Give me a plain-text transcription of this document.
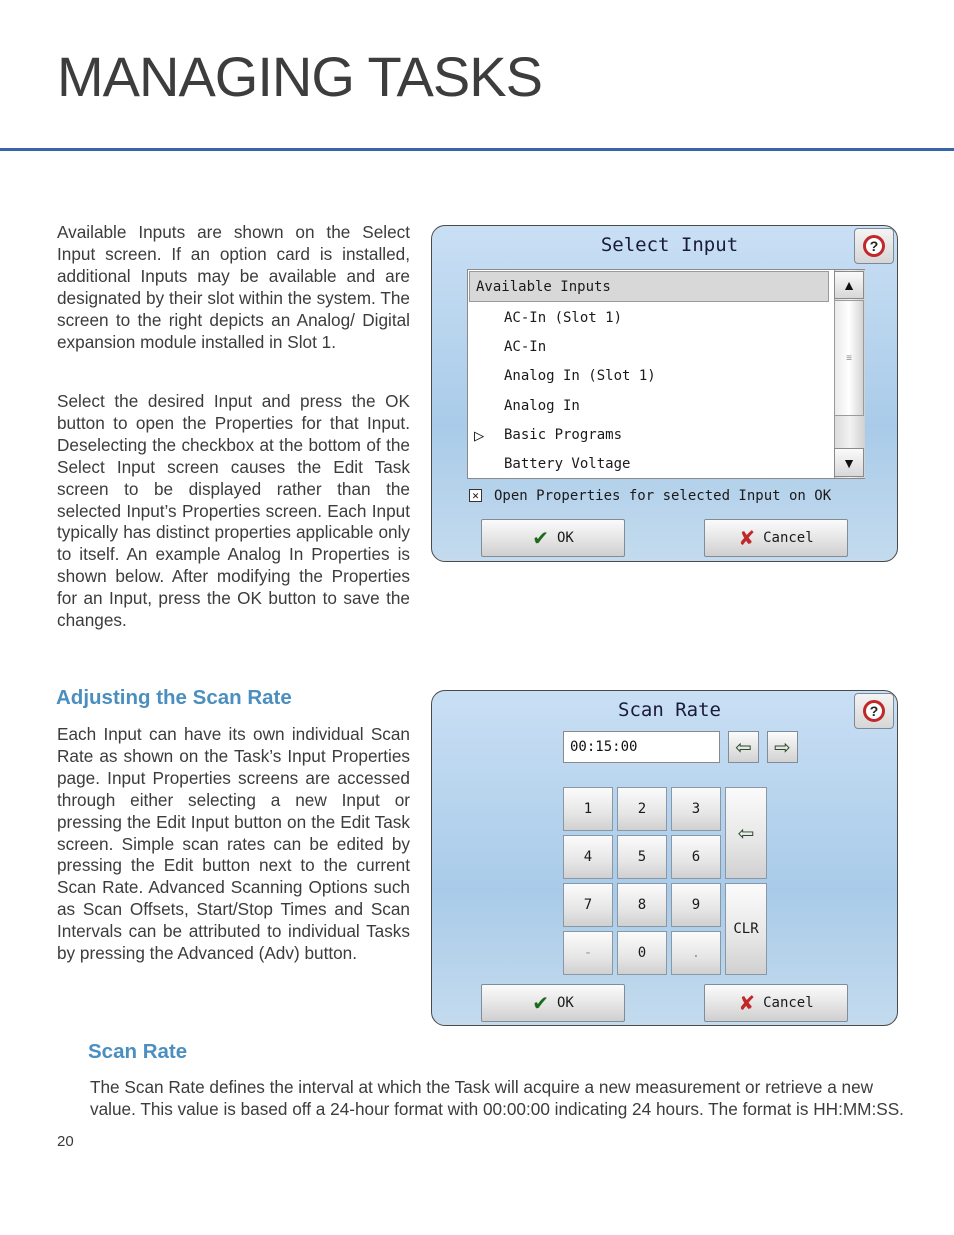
MANAGING TASKS

Available Inputs are shown on the Select Input screen. If an option card is installed, additional Inputs may be available and are designated by their slot within the system. The screen to the right depicts an Analog/ Digital expansion module installed in Slot 1.

Select the desired Input and press the OK button to open the Properties for that Input. Deselecting the checkbox at the bottom of the Select Input screen causes the Edit Task screen to be displayed rather than the selected Input’s Properties screen. Each Input typically has distinct properties applicable only to itself. An example Analog In Properties is shown below. After modifying the Properties for an Input, press the OK button to save the changes.

Adjusting the Scan Rate

Each Input can have its own individual Scan Rate as shown on the Task’s Input Properties page. Input Properties screens are accessed through either selecting a new Input or pressing the Edit Input button on the Edit Task screen. Simple scan rates can be edited by pressing the Edit button next to the current Scan Rate. Advanced Scanning Options such as Scan Offsets, Start/Stop Times and Scan Intervals can be attributed to individual Tasks by pressing the Advanced (Adv) button.

Scan Rate

The Scan Rate defines the interval at which the Task will acquire a new measurement or retrieve a new value. This value is based off a 24-hour format with 00:00:00 indicating 24 hours. The format is HH:MM:SS.

20
Select Input	?
Available Inputs
▷
AC-In (Slot 1)
AC-In
Analog In (Slot 1)
Analog In
Basic Programs
Battery Voltage
▲
≡
▼
✕ Open Properties for selected Input on OK
✔ OK	✘ Cancel
Scan Rate	?
00:15:00	⇦ ⇨
1	2	3
4	5	6
7	8	9
-	0	.
⇦
CLR
✔ OK	✘ Cancel
